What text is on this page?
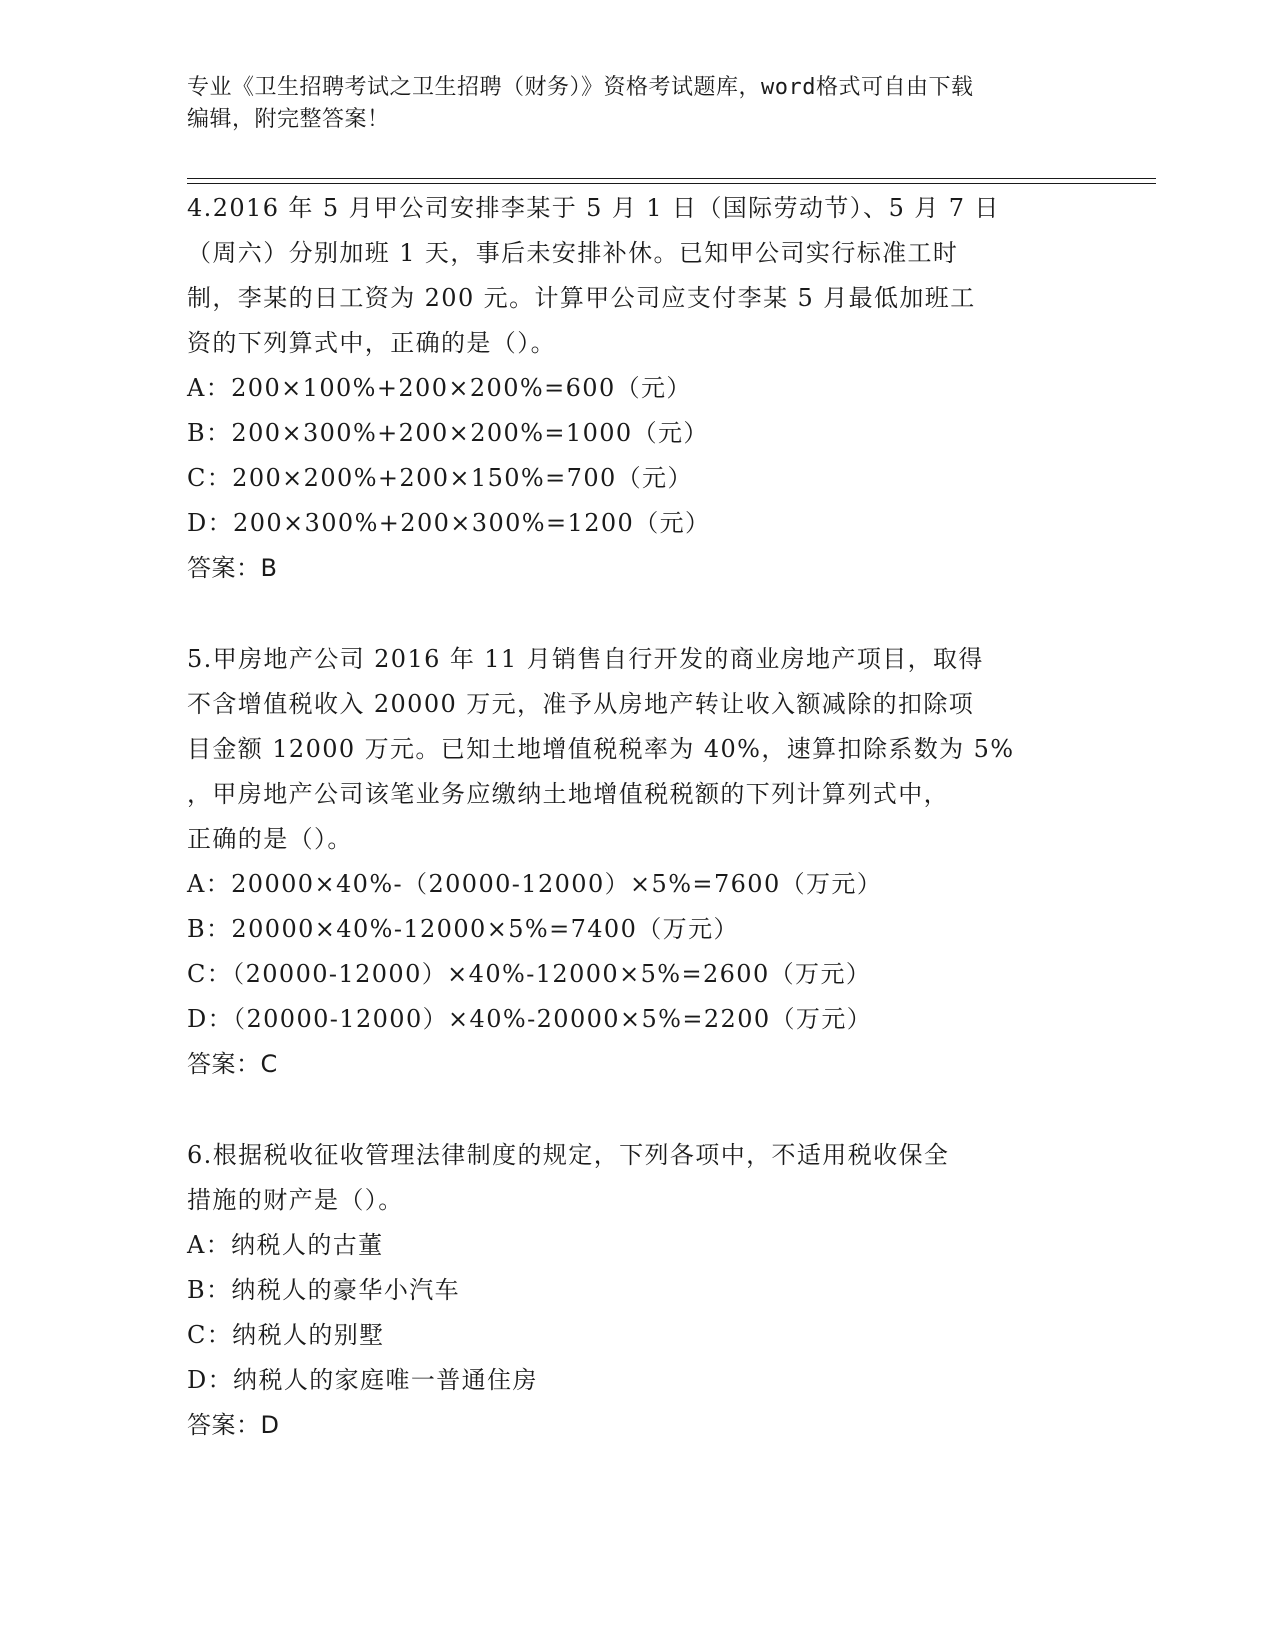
专业《卫生招聘考试之卫生招聘（财务）》资格考试题库，word格式可自由下载
编辑，附完整答案！
4.2016 年 5 月甲公司安排李某于 5 月 1 日（国际劳动节）、5 月 7 日
（周六）分别加班 1 天，事后未安排补休。已知甲公司实行标准工时
制，李某的日工资为 200 元。计算甲公司应支付李某 5 月最低加班工
资的下列算式中，正确的是（）。
A：200×100%+200×200%=600（元）
B：200×300%+200×200%=1000（元）
C：200×200%+200×150%=700（元）
D：200×300%+200×300%=1200（元）
答案：B
5.甲房地产公司 2016 年 11 月销售自行开发的商业房地产项目，取得
不含增值税收入 20000 万元，准予从房地产转让收入额减除的扣除项
目金额 12000 万元。已知土地增值税税率为 40%，速算扣除系数为 5%
，甲房地产公司该笔业务应缴纳土地增值税税额的下列计算列式中，
正确的是（）。
A：20000×40%-（20000-12000）×5%=7600（万元）
B：20000×40%-12000×5%=7400（万元）
C：（20000-12000）×40%-12000×5%=2600（万元）
D：（20000-12000）×40%-20000×5%=2200（万元）
答案：C
6.根据税收征收管理法律制度的规定，下列各项中，不适用税收保全
措施的财产是（）。
A：纳税人的古董
B：纳税人的豪华小汽车
C：纳税人的别墅
D：纳税人的家庭唯一普通住房
答案：D
